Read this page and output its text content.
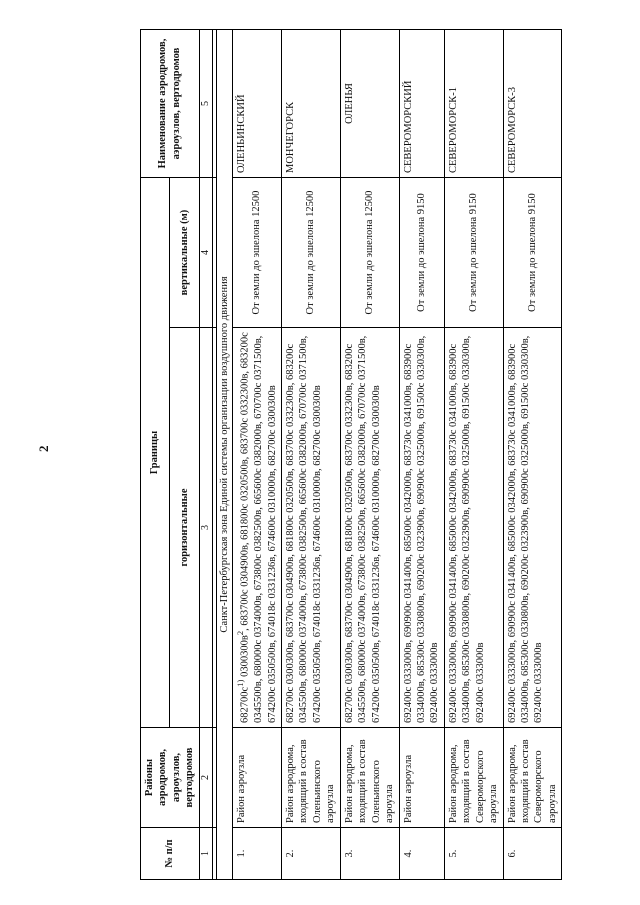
2
№ п/п	Районы аэродромов, аэроузлов, вертодромов	Границы		Наименование аэродромов, аэроузлов, вертодромов
		горизонтальные	вертикальные (м)	
1	2	3	4	5

Санкт-Петербургская зона Единой системы организации воздушного движения				
1.	Район аэроузла	$682700с^{1)}$ $0300300в^2$, 683700с 0304900в, 681800с 0320500в, 683700с 0332300в, 683200с 0345500в, 680000с 0374000в, 673800с 0382500в, 665600с 0382000в, 670700с 0371500в, 674200с 0350500в, 674018с 0331236в, 674600с 0310000в, 682700с 0300300в	От земли до эшелона 12500	ОЛЕНЬИНСКИЙ
2.	Район аэродрома, входящий в состав Оленьинского аэроузла	682700с 0300300в, 683700с 0304900в, 681800с 0320500в, 683700с 0332300в, 683200с 0345500в, 680000с 0374000в, 673800с 0382500в, 665600с 0382000в, 670700с 0371500в, 674200с 0350500в, 674018с 0331236в, 674600с 0310000в, 682700с 0300300в	От земли до эшелона 12500	МОНЧЕГОРСК
3.	Район аэродрома, входящий в состав Оленьинского аэроузла	682700с 0300300в, 683700с 0304900в, 681800с 0320500в, 683700с 0332300в, 683200с 0345500в, 680000с 0374000в, 673800с 0382500в, 665600с 0382000в, 670700с 0371500в, 674200с 0350500в, 674018с 0331236в, 674600с 0310000в, 682700с 0300300в	От земли до эшелона 12500	ОЛЕНЬЯ
4.	Район аэроузла	692400с 0333000в, 690900с 0341400в, 685000с 0342000в, 683730с 0341000в, 683900с 0334000в, 685300с 0330800в, 690200с 0323900в, 690900с 0325000в, 691500с 0330300в, 692400с 0333000в	От земли до эшелона 9150	СЕВЕРОМОРСКИЙ
5.	Район аэродрома, входящий в состав Североморского аэроузла	692400с 0333000в, 690900с 0341400в, 685000с 0342000в, 683730с 0341000в, 683900с 0334000в, 685300с 0330800в, 690200с 0323900в, 690900с 0325000в, 691500с 0330300в, 692400с 0333000в	От земли до эшелона 9150	СЕВЕРОМОРСК-1
6.	Район аэродрома, входящий в состав Североморского аэроузла	692400с 0333000в, 690900с 0341400в, 685000с 0342000в, 683730с 0341000в, 683900с 0334000в, 685300с 0330800в, 690200с 0323900в, 690900с 0325000в, 691500с 0330300в, 692400с 0333000в	От земли до эшелона 9150	СЕВЕРОМОРСК-3
